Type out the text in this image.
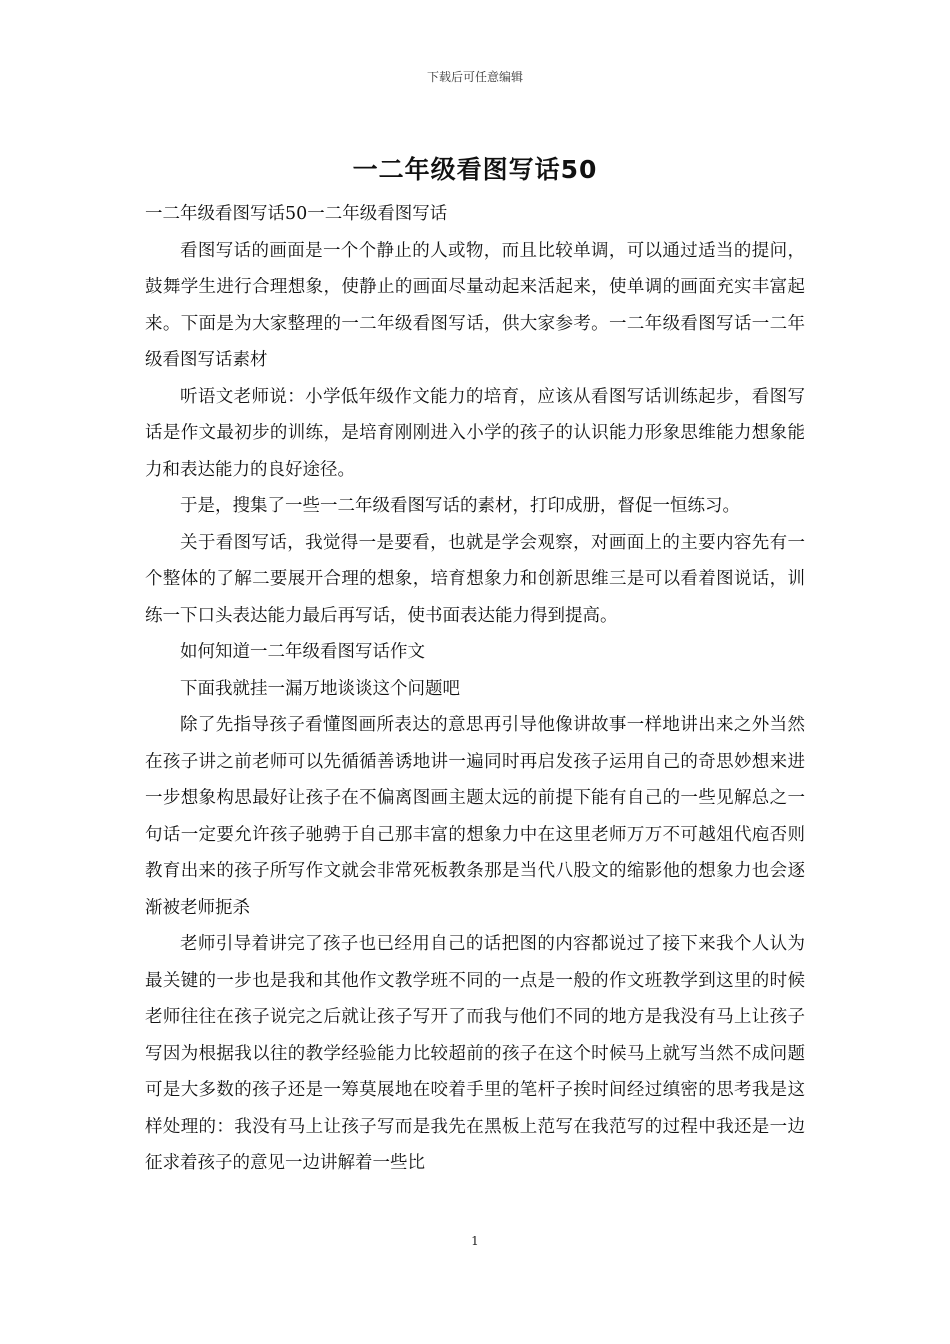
下载后可任意编辑
一二年级看图写话50

一二年级看图写话50一二年级看图写话

看图写话的画面是一个个静止的人或物，而且比较单调，可以通过适当的提问，鼓舞学生进行合理想象，使静止的画面尽量动起来活起来，使单调的画面充实丰富起来。下面是为大家整理的一二年级看图写话，供大家参考。一二年级看图写话一二年级看图写话素材

听语文老师说：小学低年级作文能力的培育，应该从看图写话训练起步，看图写话是作文最初步的训练，是培育刚刚进入小学的孩子的认识能力形象思维能力想象能力和表达能力的良好途径。

于是，搜集了一些一二年级看图写话的素材，打印成册，督促一恒练习。

关于看图写话，我觉得一是要看，也就是学会观察，对画面上的主要内容先有一个整体的了解二要展开合理的想象，培育想象力和创新思维三是可以看着图说话，训练一下口头表达能力最后再写话，使书面表达能力得到提高。

如何知道一二年级看图写话作文

下面我就挂一漏万地谈谈这个问题吧

除了先指导孩子看懂图画所表达的意思再引导他像讲故事一样地讲出来之外当然在孩子讲之前老师可以先循循善诱地讲一遍同时再启发孩子运用自己的奇思妙想来进一步想象构思最好让孩子在不偏离图画主题太远的前提下能有自己的一些见解总之一句话一定要允许孩子驰骋于自己那丰富的想象力中在这里老师万万不可越俎代庖否则教育出来的孩子所写作文就会非常死板教条那是当代八股文的缩影他的想象力也会逐渐被老师扼杀

老师引导着讲完了孩子也已经用自己的话把图的内容都说过了接下来我个人认为最关键的一步也是我和其他作文教学班不同的一点是一般的作文班教学到这里的时候老师往往在孩子说完之后就让孩子写开了而我与他们不同的地方是我没有马上让孩子写因为根据我以往的教学经验能力比较超前的孩子在这个时候马上就写当然不成问题可是大多数的孩子还是一筹莫展地在咬着手里的笔杆子挨时间经过缜密的思考我是这样处理的：我没有马上让孩子写而是我先在黑板上范写在我范写的过程中我还是一边征求着孩子的意见一边讲解着一些比

1
